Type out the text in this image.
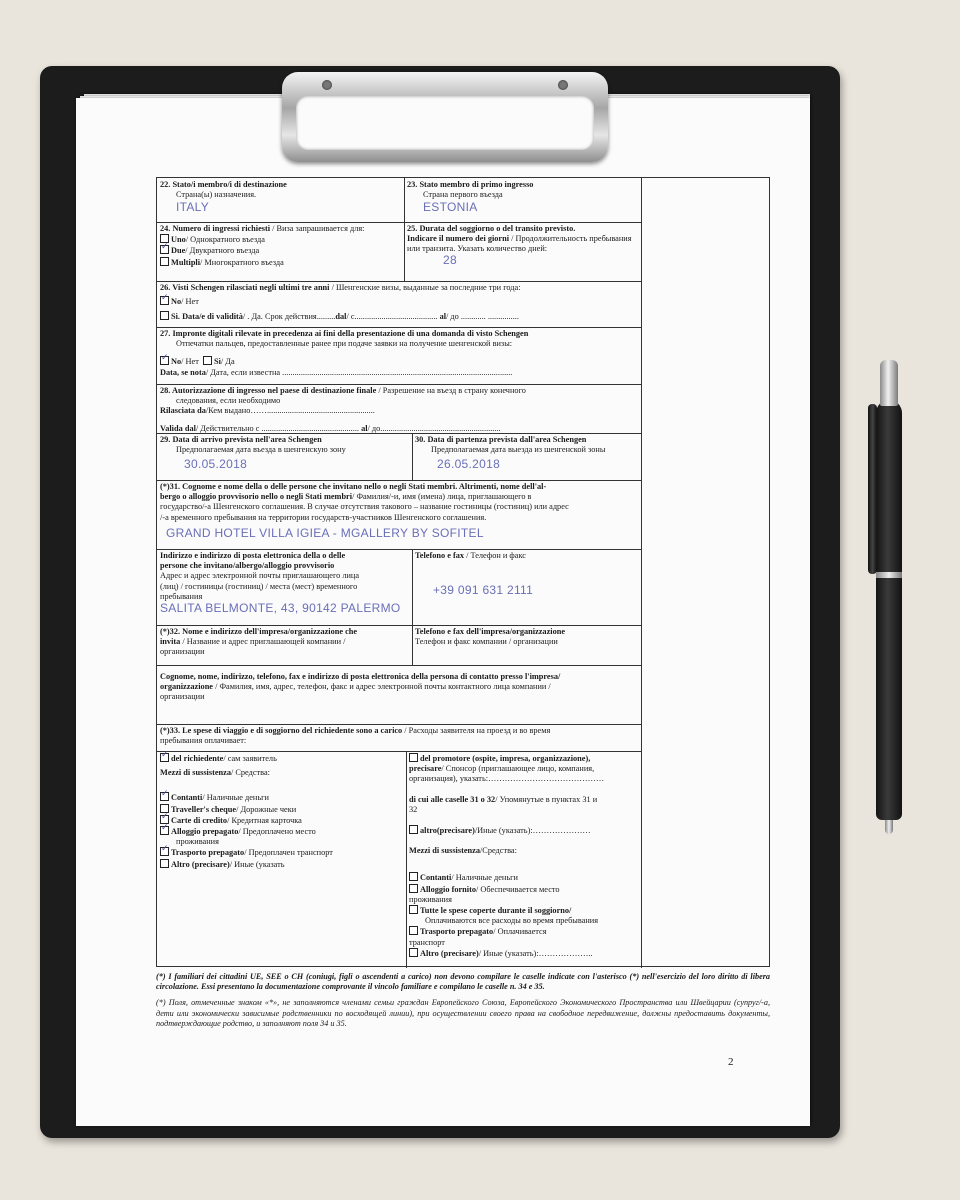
22. Stato/i membro/i di destinazione
Страна(ы) назначения.
ITALY
23. Stato membro di primo ingresso
Страна первого въезда
ESTONIA
24. Numero di ingressi richiesti / Виза запрашивается для:
Uno/ Однократного въезда
✓Due/ Двукратного въезда
Multipli/ Многократного въезда
25. Durata del soggiorno o del transito previsto.
Indicare il numero dei giorni / Продолжительность пребывания или транзита. Указать количество дней:
28
26. Visti Schengen rilasciati negli ultimi tre anni / Шенгенские визы, выданные за последние три года:
✓No/ Нет
Si. Data/e di validità/ . Да. Срок действия.........dal/ с........................................ al/ до ............ ...............
27. Impronte digitali rilevate in precedenza ai fini della presentazione di una domanda di visto Schengen
Отпечатки пальцев, предоставленные ранее при подаче заявки на получение шенгенской визы:
✓No/ Нет Sì/ Да
Data, se nota/ Дата, если известна ...............................................................................................................
28. Autorizzazione di ingresso nel paese di destinazione finale / Разрешение на въезд в страну конечного
следования, если необходимо
Rilasciata da/Кем выдано……....................................................
Valida dal/ Действительно с ............................................... al/ до..........................................................
29. Data di arrivo prevista nell'area Schengen
Предполагаемая дата въезда в шенгенскую зону
30.05.2018
30. Data di partenza prevista dall'area Schengen
Предполагаемая дата выезда из шенгенской зоны
26.05.2018
(*)31. Cognome e nome della o delle persone che invitano nello o negli Stati membri. Altrimenti, nome dell'al-
bergo o alloggio provvisorio nello o negli Stati membri/ Фамилия/-и, имя (имена) лица, приглашающего в
государство/-а Шенгенского соглашения. В случае отсутствия такового – название гостиницы (гостиниц) или адрес
/-а временного пребывания на территории государств-участников Шенгенского соглашения.
GRAND HOTEL VILLA IGIEA - MGALLERY BY SOFITEL
Indirizzo e indirizzo di posta elettronica della o delle
persone che invitano/albergo/alloggio provvisorio
Адрес и адрес электронной почты приглашающего лица
(лиц) / гостиницы (гостиниц) / места (мест) временного
пребывания
SALITA BELMONTE, 43, 90142 PALERMO
Telefono e fax / Телефон и факс
+39 091 631 2111
(*)32. Nome e indirizzo dell'impresa/organizzazione che
invita / Название и адрес приглашающей компании /
организации
Telefono e fax dell'impresa/organizzazione
Телефон и факс компании / организации
Cognome, nome, indirizzo, telefono, fax e indirizzo di posta elettronica della persona di contatto presso l'impresa/
organizzazione / Фамилия, имя, адрес, телефон, факс и адрес электронной почты контактного лица компании /
организации
(*)33. Le spese di viaggio e di soggiorno del richiedente sono a carico / Расходы заявителя на проезд и во время
пребывания оплачивает:
✓del richiedente/ сам заявитель
Mezzi di sussistenza/ Средства:
✓Contanti/ Наличные деньги
Traveller's cheque/ Дорожные чеки
✓Carte di credito/ Кредитная карточка
✓Alloggio prepagato/ Предоплачено место
проживания
✓Trasporto prepagato/ Предоплачен транспорт
Altro (precisare)/ Иные (указать
del promotore (ospite, impresa, organizzazione),
precisare/ Спонсор (приглашающее лицо, компания,
организация), указать:……………………………………
di cui alle caselle 31 o 32/ Упомянутые в пунктах 31 и
32
altro(precisare)/Иные (указать):…………………
Mezzi di sussistenza/Средства:
Contanti/ Наличные деньги
Alloggio fornito/ Обеспечивается место
проживания
Tutte le spese coperte durante il soggiorno/
Оплачиваются все расходы во время пребывания
Trasporto prepagato/ Оплачивается
транспорт
Altro (precisare)/ Иные (указать):………………..

(*) I familiari dei cittadini UE, SEE o CH (coniugi, figli o ascendenti a carico) non devono compilare le caselle indicate con l'asterisco (*) nell'esercizio del loro diritto di libera circolazione. Essi presentano la documentazione comprovante il vincolo familiare e compilano le caselle n. 34 e 35.

(*) Поля, отмеченные знаком «*», не заполняются членами семьи граждан Европейского Союза, Европейского Экономического Пространства или Швейцарии (супруг/-а, дети или экономически зависимые родственники по восходящей линии), при осуществлении своего права на свободное передвижение, должны предоставить документы, подтверждающие родство, и заполняют поля 34 и 35.

2
